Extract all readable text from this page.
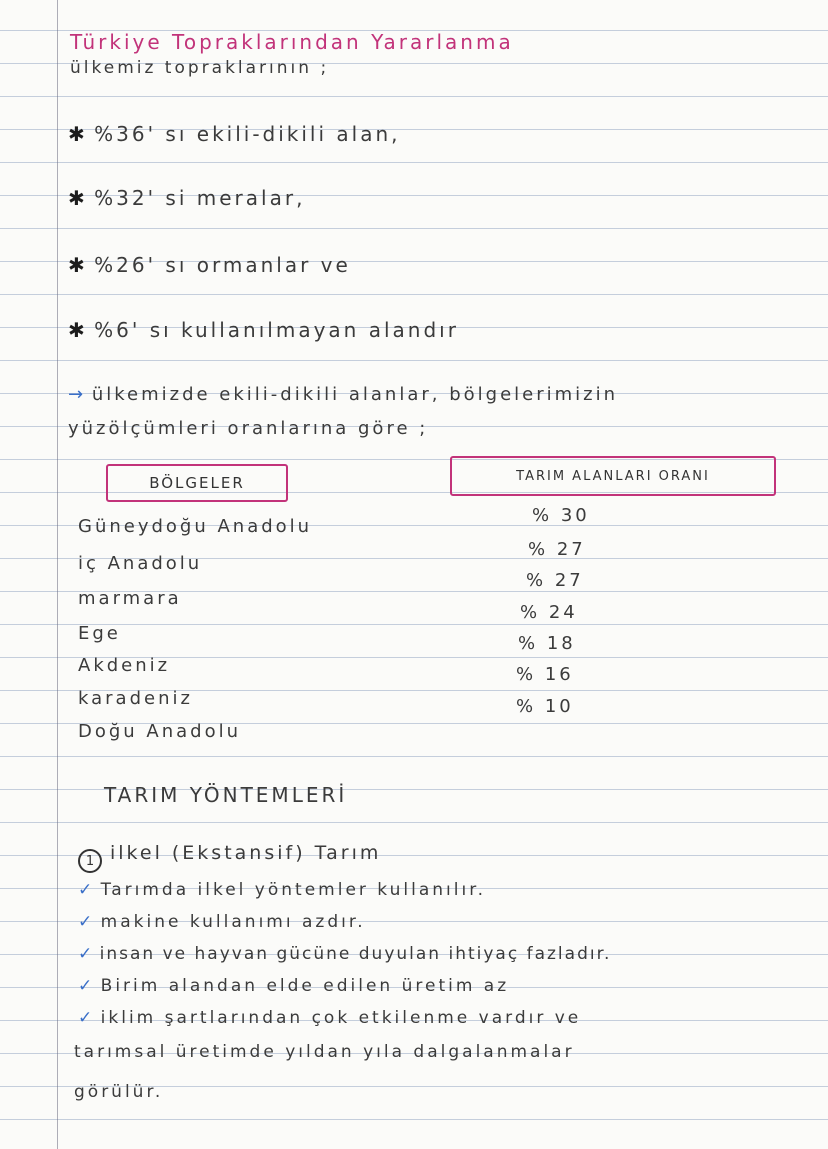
Türkiye Topraklarından Yararlanma
ülkemiz topraklarının ;
✱ %36' sı ekili-dikili alan,
✱ %32' si meralar,
✱ %26' sı ormanlar ve
✱ %6' sı kullanılmayan alandır
→ ülkemizde ekili-dikili alanlar, bölgelerimizin
yüzölçümleri oranlarına göre ;
BÖLGELER	TARIM ALANLARI ORANI
Güneydoğu Anadolu
iç Anadolu
marmara
Ege
Akdeniz
karadeniz
Doğu Anadolu
% 30
% 27
% 27
% 24
% 18
% 16
% 10
TARIM YÖNTEMLERİ
1 ilkel (Ekstansif) Tarım
✓ Tarımda ilkel yöntemler kullanılır.
✓ makine kullanımı azdır.
✓ insan ve hayvan gücüne duyulan ihtiyaç fazladır.
✓ Birim alandan elde edilen üretim az
✓ iklim şartlarından çok etkilenme vardır ve
tarımsal üretimde yıldan yıla dalgalanmalar
görülür.
